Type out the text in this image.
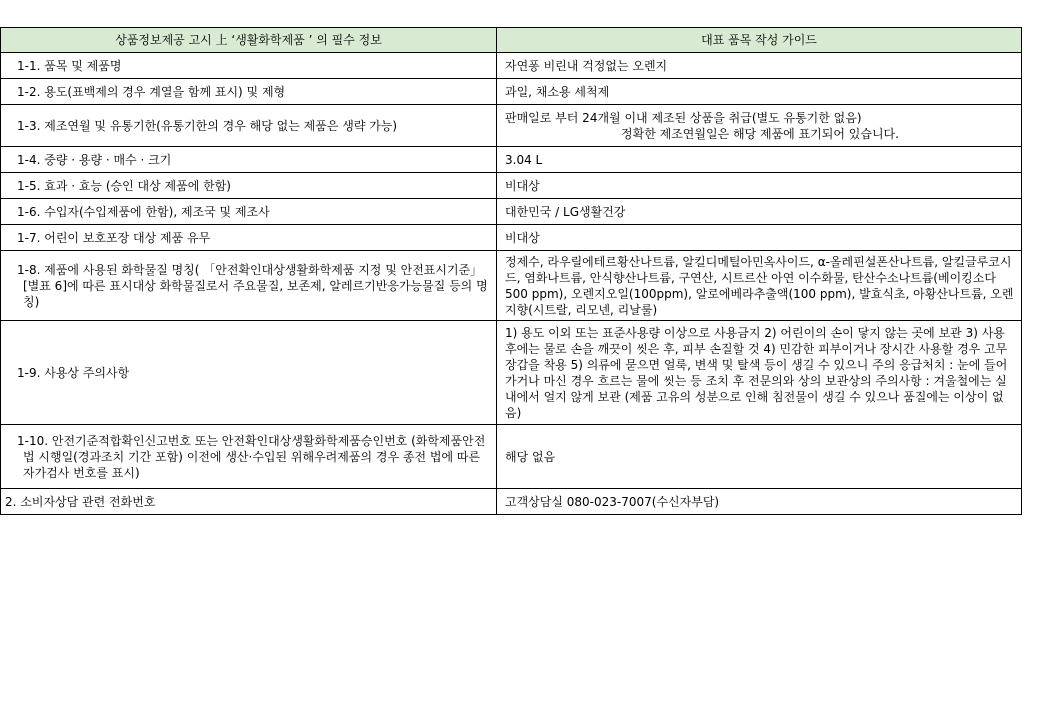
상품정보제공 고시 上 ‘생활화학제품 ’ 의 필수 정보	대표 품목 작성 가이드
1-1. 품목 및 제품명	자연퐁 비린내 걱정없는 오렌지
1-2. 용도(표백제의 경우 계열을 함께 표시) 및 제형	과일, 채소용 세척제
1-3. 제조연월 및 유통기한(유통기한의 경우 해당 없는 제품은 생략 가능)	판매일로 부터 24개월 이내 제조된 상품을 취급(별도 유통기한 없음)
정확한 제조연월일은 해당 제품에 표기되어 있습니다.

1-4. 중량 · 용량 · 매수 · 크기	3.04 L
1-5. 효과 · 효능 (승인 대상 제품에 한함)	비대상
1-6. 수입자(수입제품에 한함), 제조국 및 제조사	대한민국 / LG생활건강
1-7. 어린이 보호포장 대상 제품 유무	비대상

1-8. 제품에 사용된 화학물질 명칭( 「안전확인대상생활화학제품 지정 및 안전표시기준」 [별표 6]에 따른 표시대상 화학물질로서 주요물질, 보존제, 알레르기반응가능물질 등의 명칭)	정제수, 라우릴에테르황산나트륨, 알킬디메틸아민옥사이드, α-올레핀설폰산나트륨, 알킬글루코시드, 염화나트륨, 안식향산나트륨, 구연산, 시트르산 아연 이수화물, 탄산수소나트륨(베이킹소다 500 ppm), 오렌지오일(100ppm), 알로에베라추출액(100 ppm), 발효식초, 아황산나트륨, 오렌지향(시트랄, 리모넨, 리날룰)
1-9. 사용상 주의사항	1) 용도 이외 또는 표준사용량 이상으로 사용금지 2) 어린이의 손이 닿지 않는 곳에 보관 3) 사용 후에는 물로 손을 깨끗이 씻은 후, 피부 손질할 것 4) 민감한 피부이거나 장시간 사용할 경우 고무장갑을 착용 5) 의류에 묻으면 얼룩, 변색 및 탈색 등이 생길 수 있으니 주의 응급처치 : 눈에 들어가거나 마신 경우 흐르는 물에 씻는 등 조치 후 전문의와 상의 보관상의 주의사항 : 겨울철에는 실내에서 얼지 않게 보관 (제품 고유의 성분으로 인해 침전물이 생길 수 있으나 품질에는 이상이 없음)

1-10. 안전기준적합확인신고번호 또는 안전확인대상생활화학제품승인번호 (화학제품안전법 시행일(경과조치 기간 포함) 이전에 생산·수입된 위해우려제품의 경우 종전 법에 따른 자가검사 번호를 표시)	해당 없음
2. 소비자상담 관련 전화번호	고객상담실 080-023-7007(수신자부담)
